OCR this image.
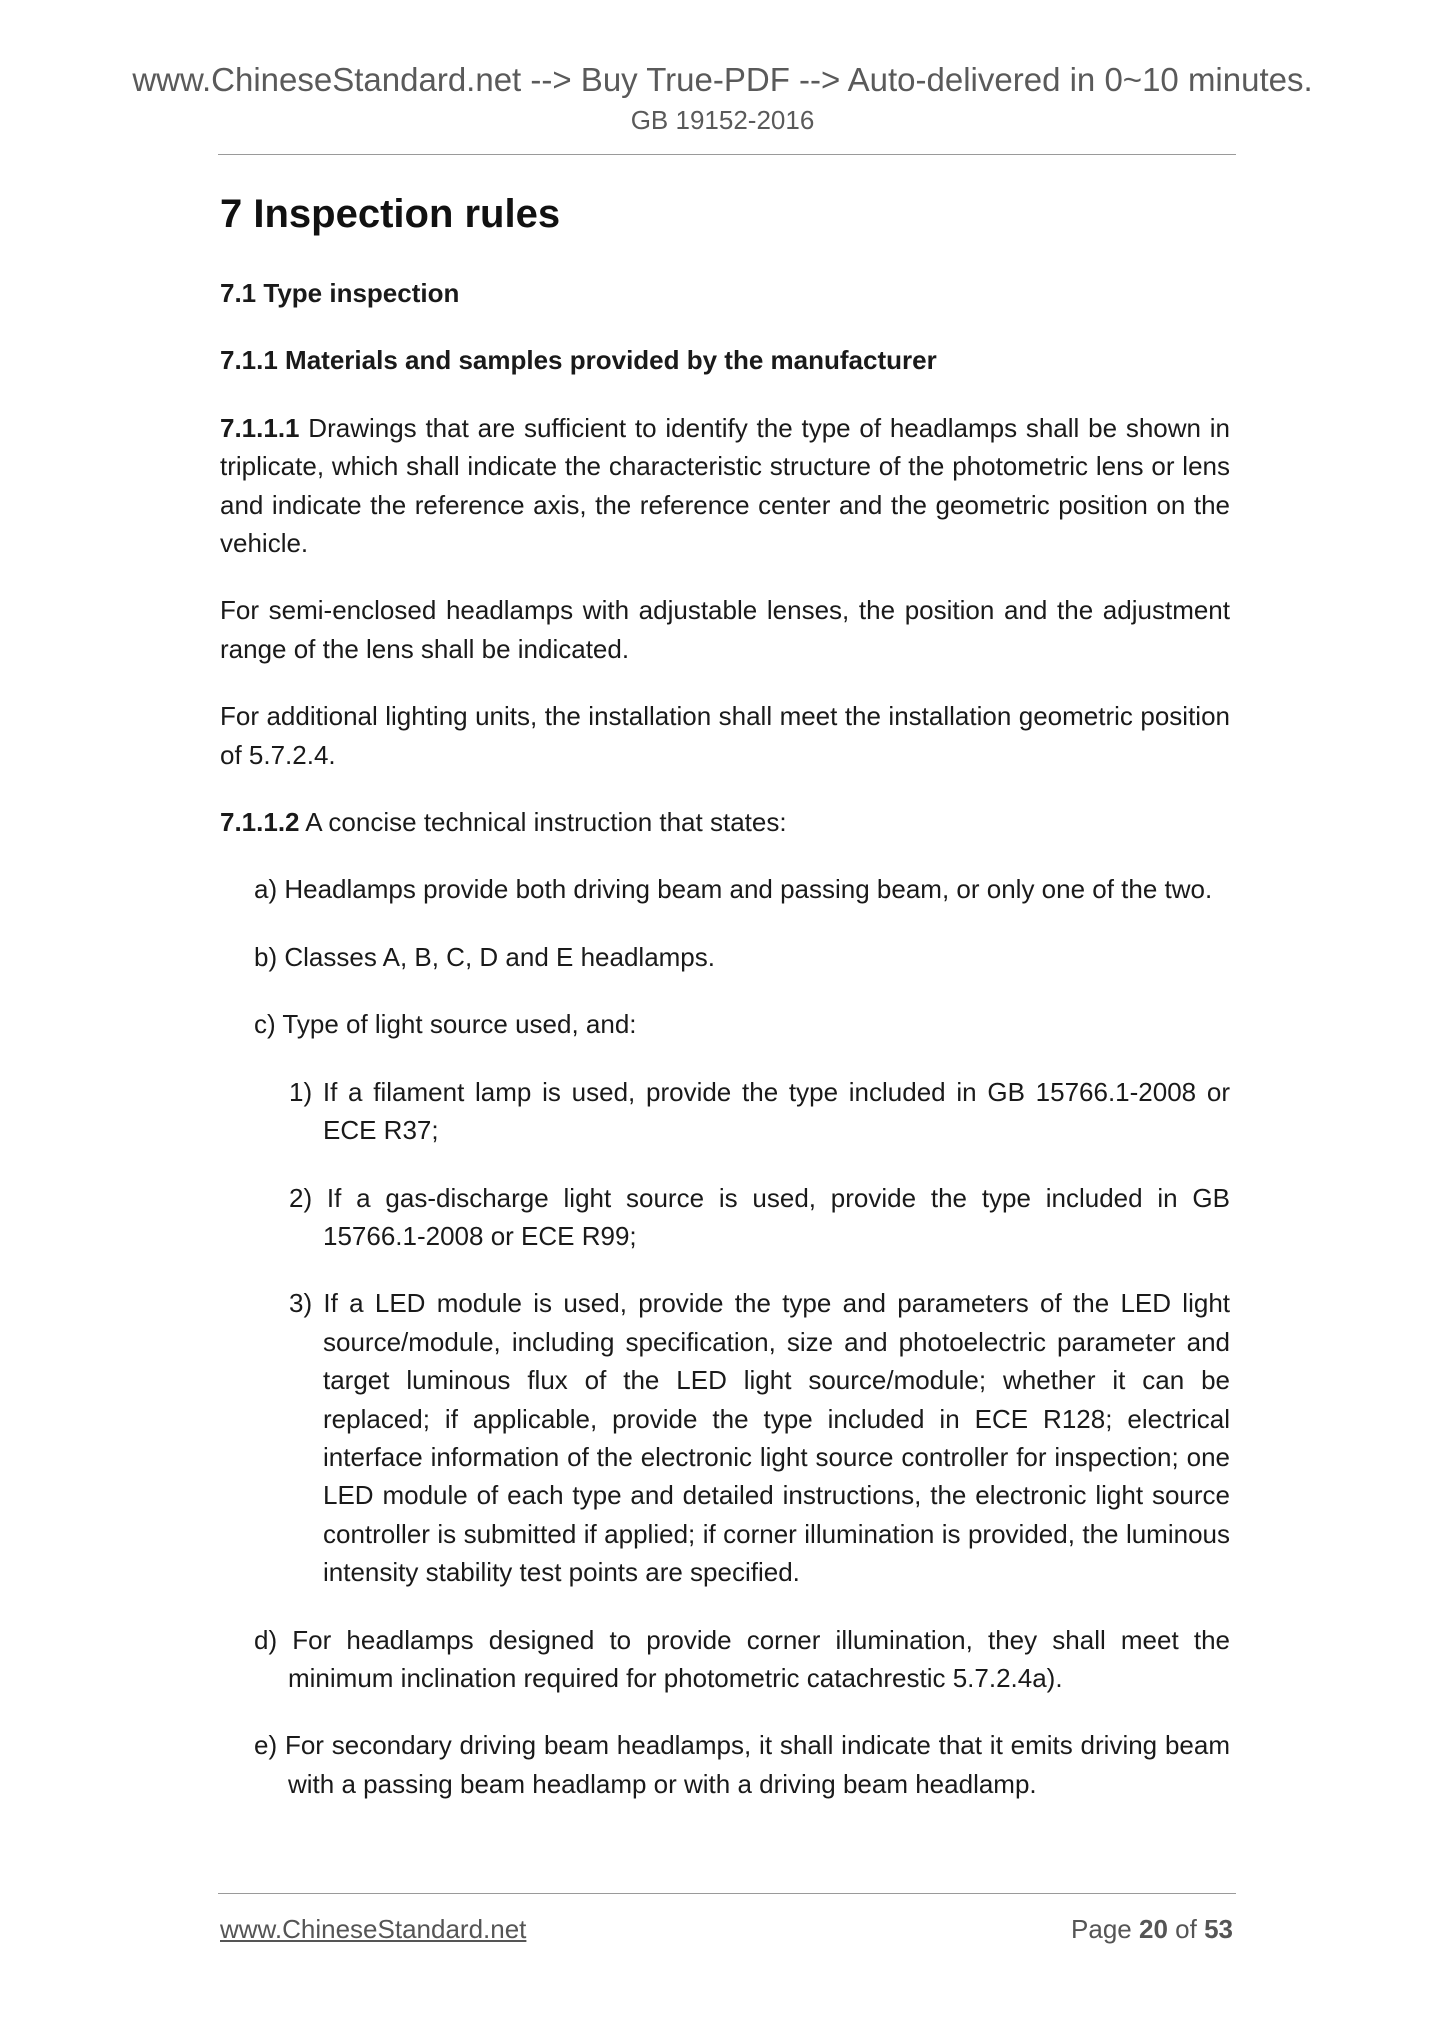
www.ChineseStandard.net --> Buy True-PDF --> Auto-delivered in 0~10 minutes.
GB 19152-2016
7 Inspection rules
7.1 Type inspection
7.1.1 Materials and samples provided by the manufacturer
7.1.1.1 Drawings that are sufficient to identify the type of headlamps shall be shown in triplicate, which shall indicate the characteristic structure of the photometric lens or lens and indicate the reference axis, the reference center and the geometric position on the vehicle.
For semi-enclosed headlamps with adjustable lenses, the position and the adjustment range of the lens shall be indicated.
For additional lighting units, the installation shall meet the installation geometric position of 5.7.2.4.
7.1.1.2 A concise technical instruction that states:
a) Headlamps provide both driving beam and passing beam, or only one of the two.
b) Classes A, B, C, D and E headlamps.
c) Type of light source used, and:
1) If a filament lamp is used, provide the type included in GB 15766.1-2008 or ECE R37;
2) If a gas-discharge light source is used, provide the type included in GB 15766.1-2008 or ECE R99;
3) If a LED module is used, provide the type and parameters of the LED light source/module, including specification, size and photoelectric parameter and target luminous flux of the LED light source/module; whether it can be replaced; if applicable, provide the type included in ECE R128; electrical interface information of the electronic light source controller for inspection; one LED module of each type and detailed instructions, the electronic light source controller is submitted if applied; if corner illumination is provided, the luminous intensity stability test points are specified.
d) For headlamps designed to provide corner illumination, they shall meet the minimum inclination required for photometric catachrestic 5.7.2.4a).
e) For secondary driving beam headlamps, it shall indicate that it emits driving beam with a passing beam headlamp or with a driving beam headlamp.
www.ChineseStandard.net	Page 20 of 53
